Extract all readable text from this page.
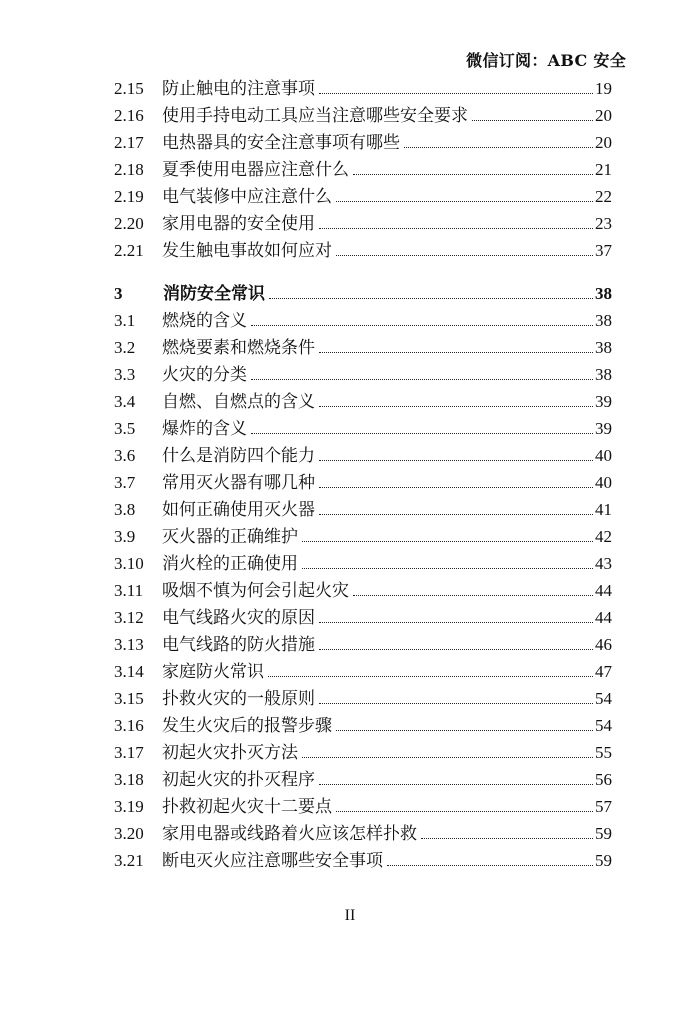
微信订阅：ABC 安全
2.15	防止触电的注意事项	19
2.16	使用手持电动工具应当注意哪些安全要求	20
2.17	电热器具的安全注意事项有哪些	20
2.18	夏季使用电器应注意什么	21
2.19	电气装修中应注意什么	22
2.20	家用电器的安全使用	23
2.21	发生触电事故如何应对	37
3	消防安全常识	38
3.1	燃烧的含义	38
3.2	燃烧要素和燃烧条件	38
3.3	火灾的分类	38
3.4	自燃、自燃点的含义	39
3.5	爆炸的含义	39
3.6	什么是消防四个能力	40
3.7	常用灭火器有哪几种	40
3.8	如何正确使用灭火器	41
3.9	灭火器的正确维护	42
3.10	消火栓的正确使用	43
3.11	吸烟不慎为何会引起火灾	44
3.12	电气线路火灾的原因	44
3.13	电气线路的防火措施	46
3.14	家庭防火常识	47
3.15	扑救火灾的一般原则	54
3.16	发生火灾后的报警步骤	54
3.17	初起火灾扑灭方法	55
3.18	初起火灾的扑灭程序	56
3.19	扑救初起火灾十二要点	57
3.20	家用电器或线路着火应该怎样扑救	59
3.21	断电灭火应注意哪些安全事项	59
II
